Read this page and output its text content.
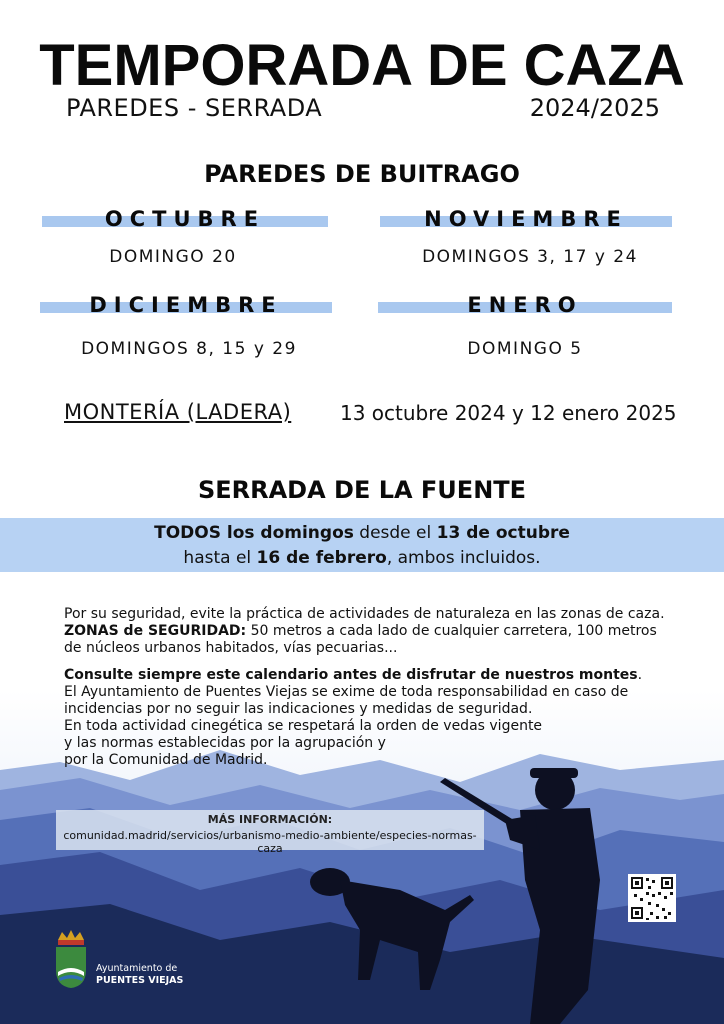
TEMPORADA DE CAZA
PAREDES - SERRADA	2024/2025
PAREDES DE BUITRAGO
OCTUBRE
DOMINGO 20
NOVIEMBRE
DOMINGOS 3, 17 y 24
DICIEMBRE
DOMINGOS 8, 15 y 29
ENERO
DOMINGO 5
MONTERÍA (LADERA) 13 octubre 2024 y 12 enero 2025
SERRADA DE LA FUENTE
TODOS los domingos desde el 13 de octubre
hasta el 16 de febrero, ambos incluidos.
Por su seguridad, evite la práctica de actividades de naturaleza en las zonas de caza.
ZONAS de SEGURIDAD: 50 metros a cada lado de cualquier carretera, 100 metros
de núcleos urbanos habitados, vías pecuarias...
Consulte siempre este calendario antes de disfrutar de nuestros montes.
El Ayuntamiento de Puentes Viejas se exime de toda responsabilidad en caso de
incidencias por no seguir las indicaciones y medidas de seguridad.
En toda actividad cinegética se respetará la orden de vedas vigente
y las normas establecidas por la agrupación y
por la Comunidad de Madrid.
MÁS INFORMACIÓN:
comunidad.madrid/servicios/urbanismo-medio-ambiente/especies-normas-caza
Ayuntamiento de
PUENTES VIEJAS
